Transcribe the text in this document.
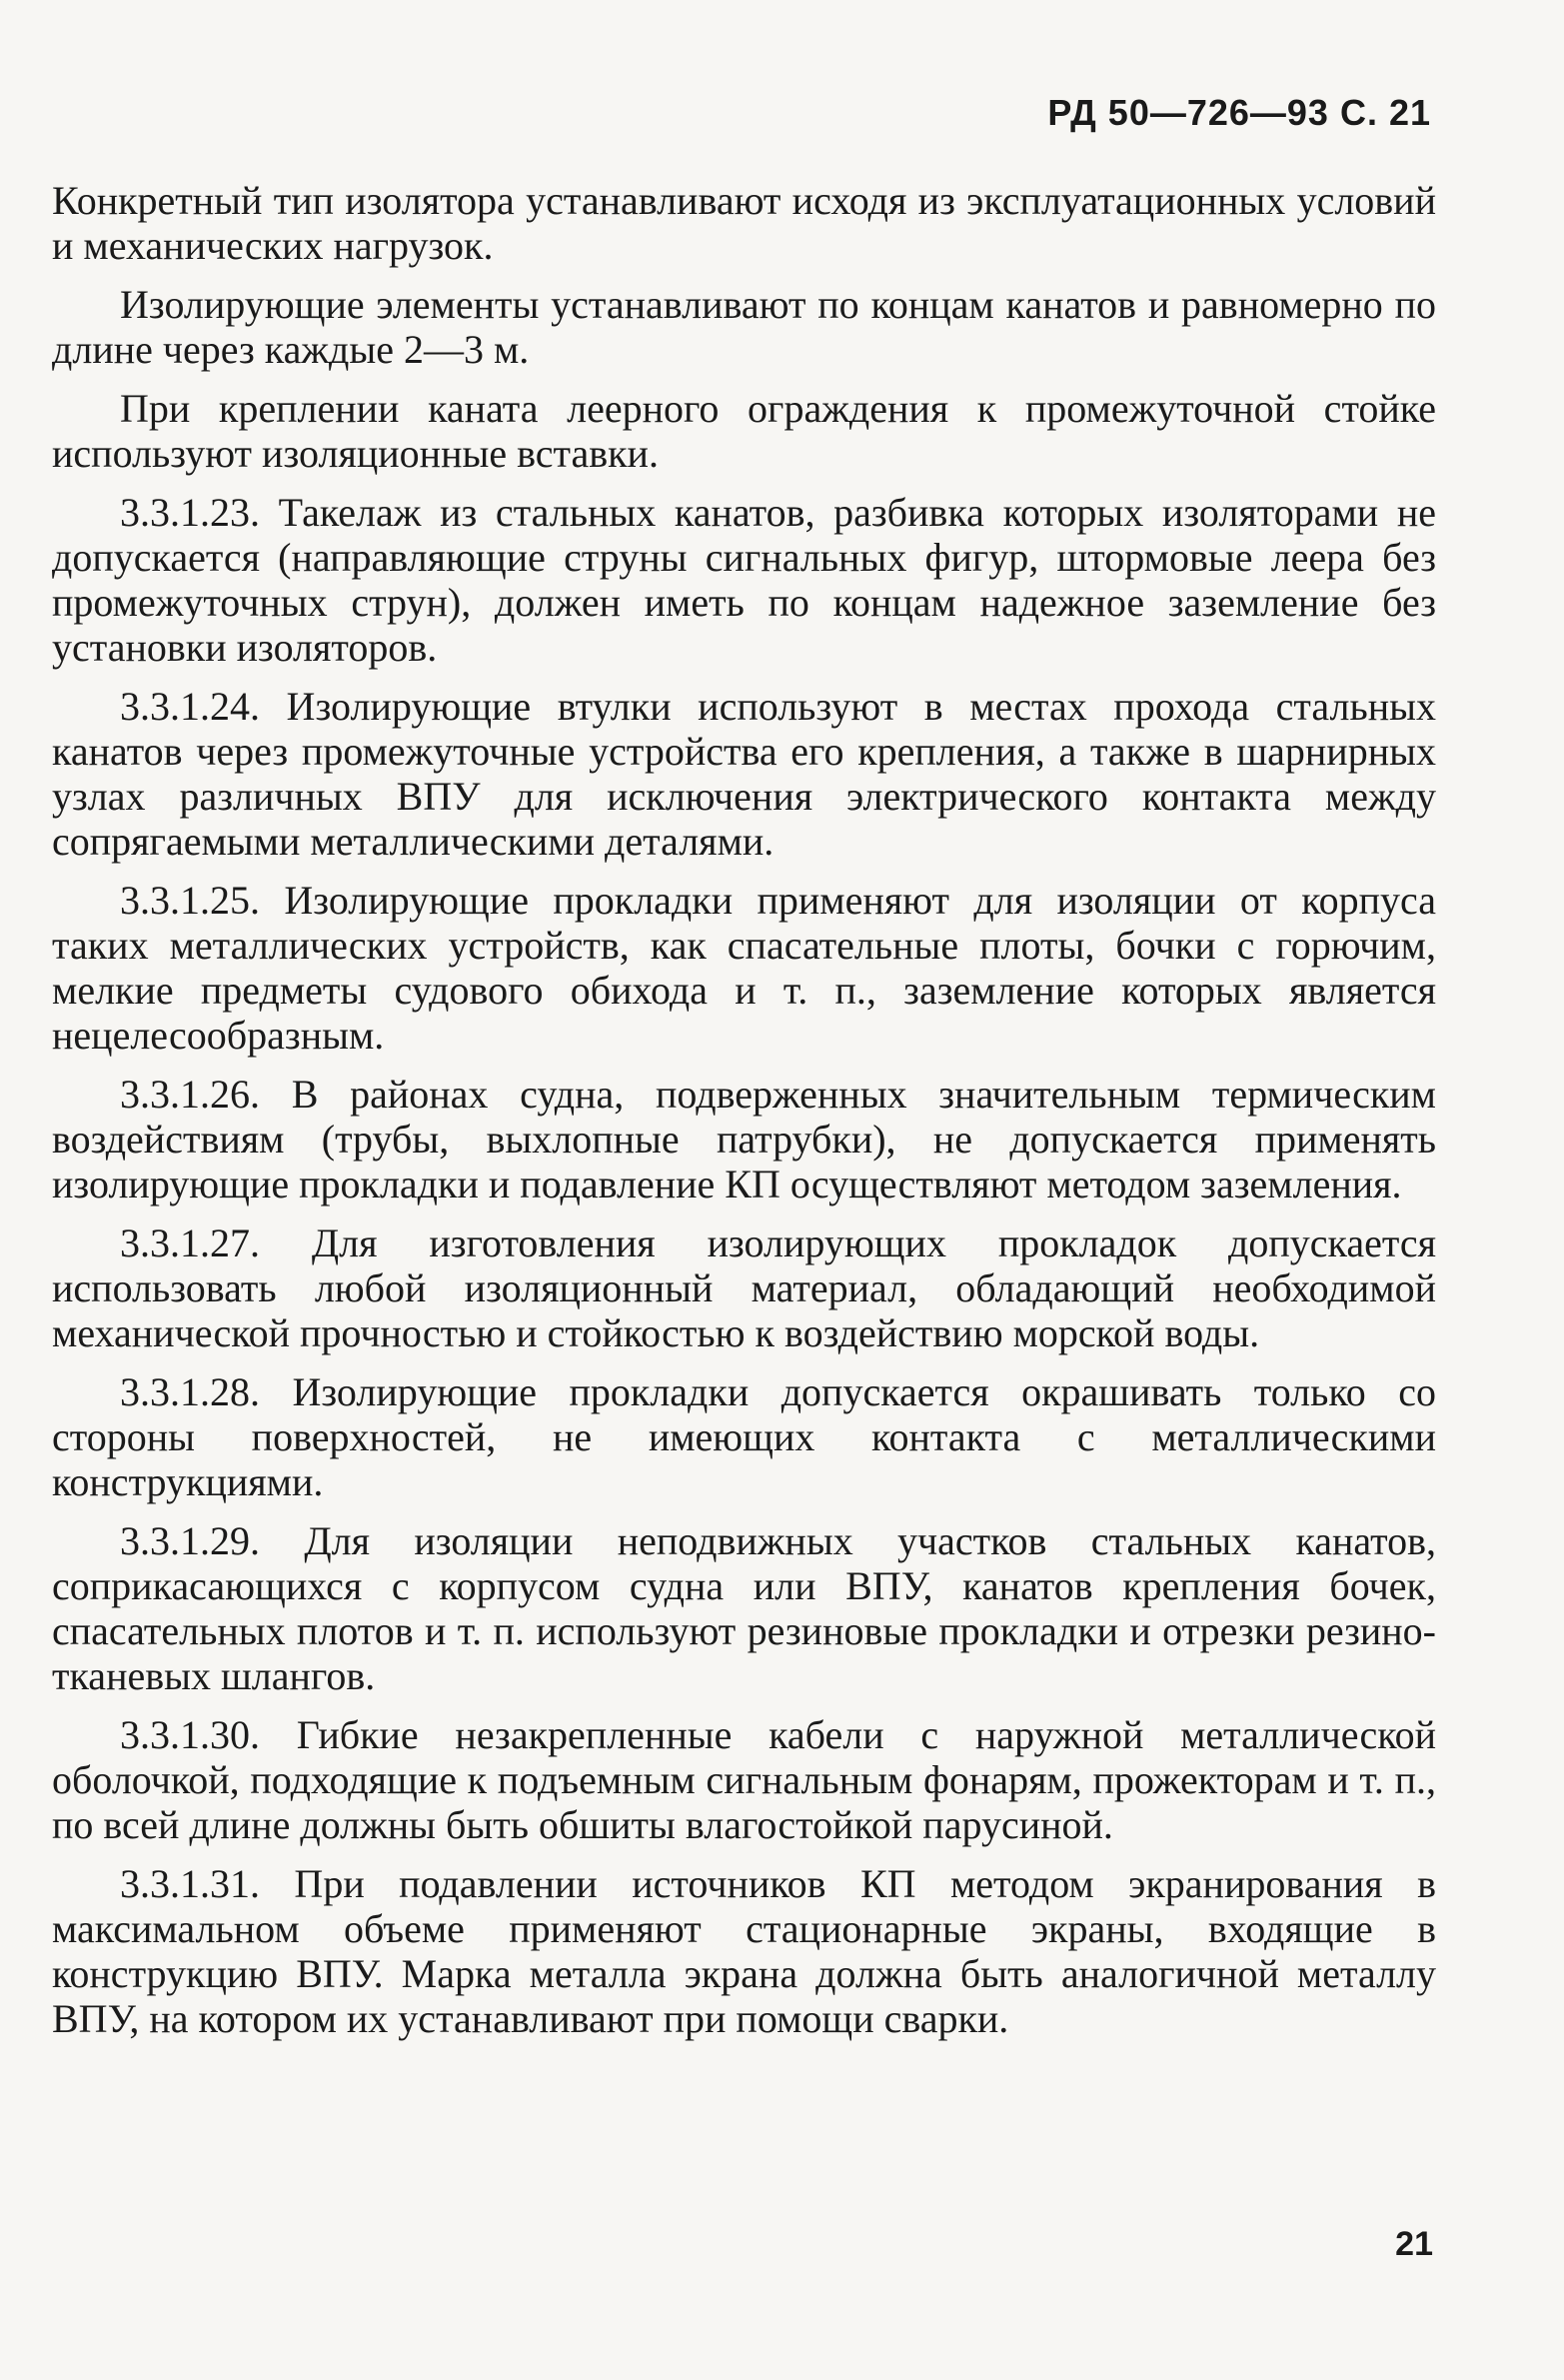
РД 50—726—93 С. 21

Конкретный тип изолятора устанавливают исходя из эксплуатационных условий и механических нагрузок.

Изолирующие элементы устанавливают по концам канатов и равномерно по длине через каждые 2—3 м.

При креплении каната леерного ограждения к промежуточной стойке используют изоляционные вставки.

3.3.1.23. Такелаж из стальных канатов, разбивка которых изоляторами не допускается (направляющие струны сигнальных фигур, штормовые леера без промежуточных струн), должен иметь по концам надежное заземление без установки изоляторов.

3.3.1.24. Изолирующие втулки используют в местах прохода стальных канатов через промежуточные устройства его крепления, а также в шарнирных узлах различных ВПУ для исключения электрического контакта между сопрягаемыми металлическими деталями.

3.3.1.25. Изолирующие прокладки применяют для изоляции от корпуса таких металлических устройств, как спасательные плоты, бочки с горючим, мелкие предметы судового обихода и т. п., заземление которых является нецелесообразным.

3.3.1.26. В районах судна, подверженных значительным термическим воздействиям (трубы, выхлопные патрубки), не допускается применять изолирующие прокладки и подавление КП осуществляют методом заземления.

3.3.1.27. Для изготовления изолирующих прокладок допускается использовать любой изоляционный материал, обладающий необходимой механической прочностью и стойкостью к воздействию морской воды.

3.3.1.28. Изолирующие прокладки допускается окрашивать только со стороны поверхностей, не имеющих контакта с металлическими конструкциями.

3.3.1.29. Для изоляции неподвижных участков стальных канатов, соприкасающихся с корпусом судна или ВПУ, канатов крепления бочек, спасательных плотов и т. п. используют резиновые прокладки и отрезки резино-тканевых шлангов.

3.3.1.30. Гибкие незакрепленные кабели с наружной металлической оболочкой, подходящие к подъемным сигнальным фонарям, прожекторам и т. п., по всей длине должны быть обшиты влагостойкой парусиной.

3.3.1.31. При подавлении источников КП методом экранирования в максимальном объеме применяют стационарные экраны, входящие в конструкцию ВПУ. Марка металла экрана должна быть аналогичной металлу ВПУ, на котором их устанавливают при помощи сварки.

21
